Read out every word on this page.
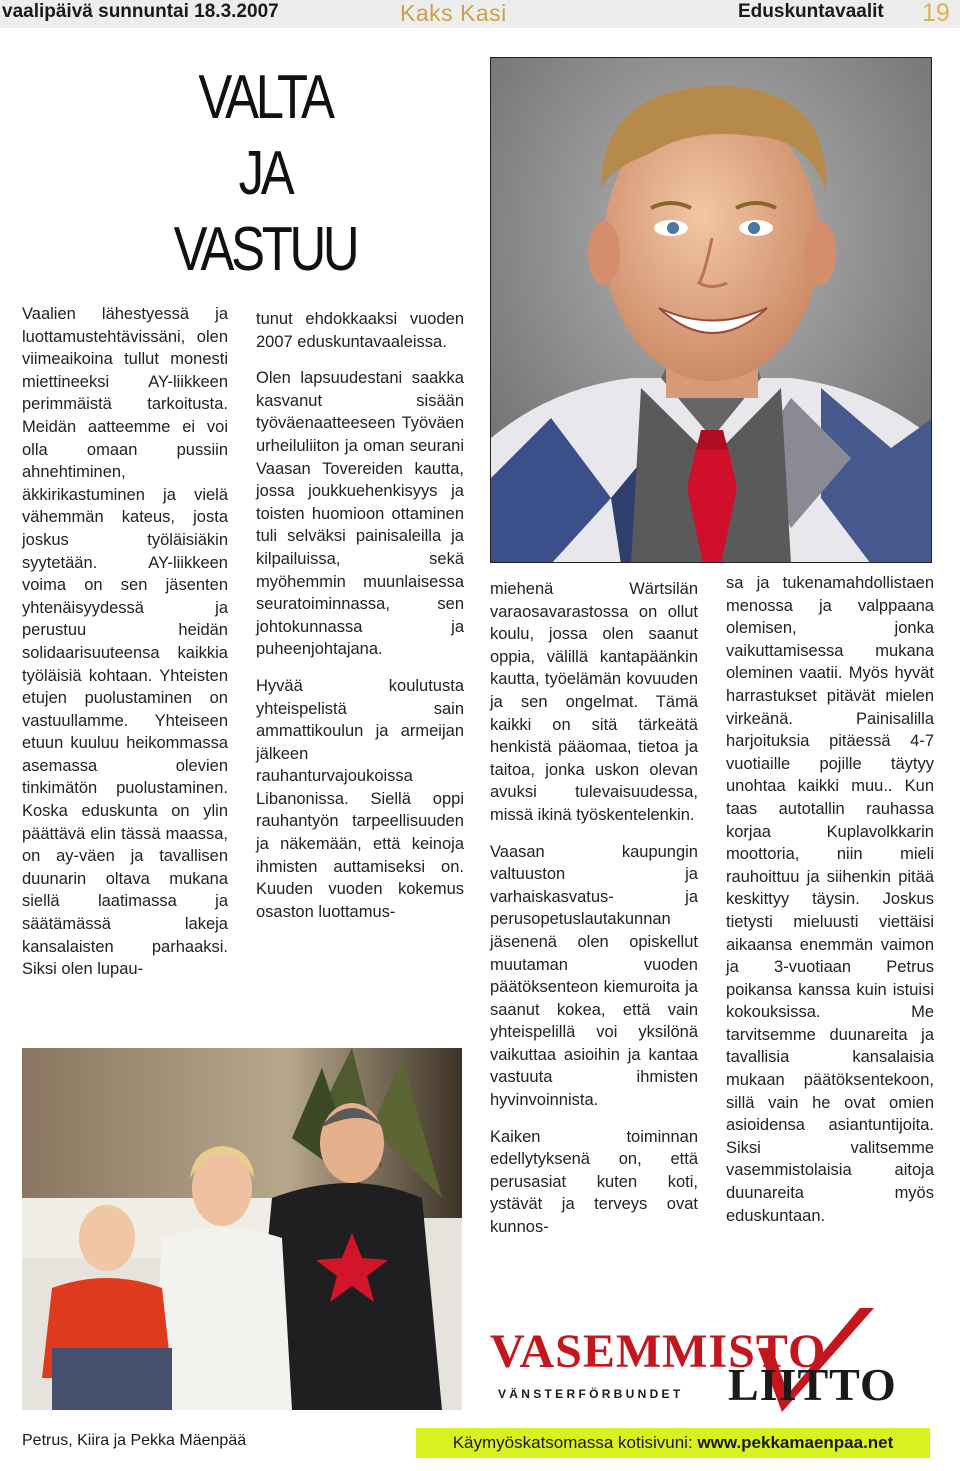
vaalipäivä sunnuntai 18.3.2007	Kaks Kasi	Eduskuntavaalit 19
VALTA
JA
VASTUU

Vaalien lähestyessä ja luottamustehtävissäni, olen viimeaikoina tullut monesti miettineeksi AY-liikkeen perimmäistä tarkoitusta. Meidän aatteemme ei voi olla omaan pussiin ahnehtiminen, äkkirikastuminen ja vielä vähemmän kateus, josta joskus työläisiäkin syytetään. AY-liikkeen voima on sen jäsenten yhtenäisyydessä ja perustuu heidän solidaarisuuteensa kaikkia työläisiä kohtaan. Yhteisten etujen puolustaminen on vastuullamme. Yhteiseen etuun kuuluu heikommassa asemassa olevien tinkimätön puolustaminen. Koska eduskunta on ylin päättävä elin tässä maassa, on ay-väen ja tavallisen duunarin oltava mukana siellä laatimassa ja säätämässä lakeja kansalaisten parhaaksi. Siksi olen lupau-

tunut ehdokkaaksi vuoden 2007 eduskuntavaaleissa.

Olen lapsuudestani saakka kasvanut sisään työväenaatteeseen Työväen urheiluliiton ja oman seurani Vaasan Tovereiden kautta, jossa joukkuehenkisyys ja toisten huomioon ottaminen tuli selväksi painisaleilla ja kilpailuissa, sekä myöhemmin muunlaisessa seuratoiminnassa, sen johtokunnassa ja puheenjohtajana.

Hyvää koulutusta yhteispelistä sain ammattikoulun ja armeijan jälkeen rauhanturvajoukoissa Libanonissa. Siellä oppi rauhantyön tarpeellisuuden ja näkemään, että keinoja ihmisten auttamiseksi on. Kuuden vuoden kokemus osaston luottamus-

miehenä Wärtsilän varaosavarastossa on ollut koulu, jossa olen saanut oppia, välillä kantapäänkin kautta, työelämän kovuuden ja sen ongelmat. Tämä kaikki on sitä tärkeätä henkistä pääomaa, tietoa ja taitoa, jonka uskon olevan avuksi tulevaisuudessa, missä ikinä työskentelenkin.

Vaasan kaupungin valtuuston ja varhaiskasvatus- ja perusopetuslautakunnan jäsenenä olen opiskellut muutaman vuoden päätöksenteon kiemuroita ja saanut kokea, että vain yhteispelillä voi yksilönä vaikuttaa asioihin ja kantaa vastuuta ihmisten hyvinvoinnista.

Kaiken toiminnan edellytyksenä on, että perusasiat kuten koti, ystävät ja terveys ovat kunnos-

sa ja tukenamahdollistaen menossa ja valppaana olemisen, jonka vaikuttamisessa mukana oleminen vaatii. Myös hyvät harrastukset pitävät mielen virkeänä. Painisalilla harjoituksia pitäessä 4-7 vuotiaille pojille täytyy unohtaa kaikki muu.. Kun taas autotallin rauhassa korjaa Kuplavolkkarin moottoria, niin mieli rauhoittuu ja siihenkin pitää keskittyy täysin. Joskus tietysti mieluusti viettäisi aikaansa enemmän vaimon ja 3-vuotiaan Petrus poikansa kanssa kuin istuisi kokouksissa. Me tarvitsemme duunareita ja tavallisia kansalaisia mukaan päätöksentekoon, sillä vain he ovat omien asioidensa asiantuntijoita. Siksi valitsemme vasemmistolaisia aitoja duunareita myös eduskuntaan.

VASEMMISTO
LIITTO
VÄNSTERFÖRBUNDET
Petrus, Kiira ja Pekka Mäenpää	Käymyöskatsomassa kotisivuni: www.pekkamaenpaa.net
